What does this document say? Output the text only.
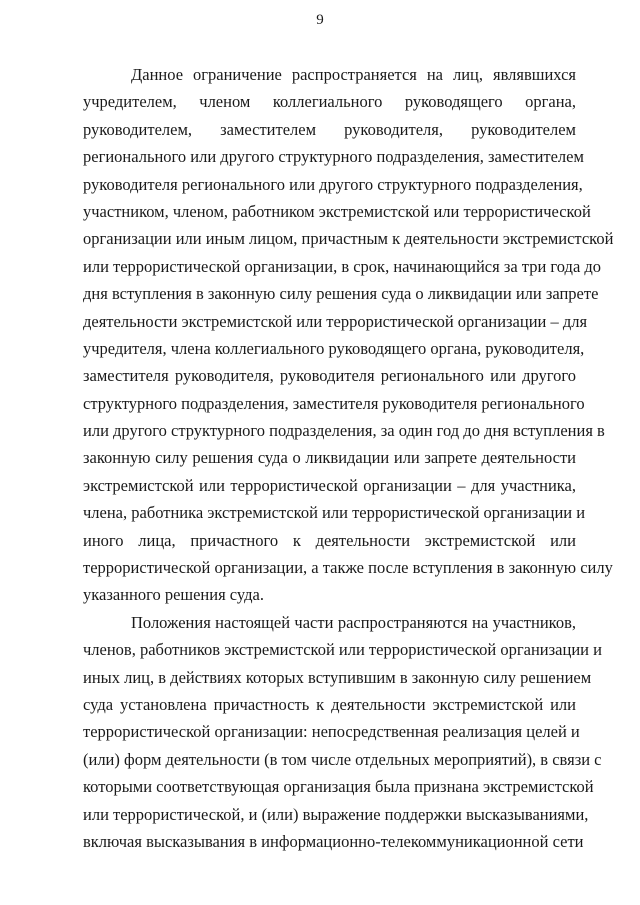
9
Данное ограничение распространяется на лиц, являвшихся
учредителем, членом коллегиального руководящего органа,
руководителем, заместителем руководителя, руководителем
регионального или другого структурного подразделения, заместителем
руководителя регионального или другого структурного подразделения,
участником, членом, работником экстремистской или террористической
организации или иным лицом, причастным к деятельности экстремистской
или террористической организации, в срок, начинающийся за три года до
дня вступления в законную силу решения суда о ликвидации или запрете
деятельности экстремистской или террористической организации – для
учредителя, члена коллегиального руководящего органа, руководителя,
заместителя руководителя, руководителя регионального или другого
структурного подразделения, заместителя руководителя регионального
или другого структурного подразделения, за один год до дня вступления в
законную силу решения суда о ликвидации или запрете деятельности
экстремистской или террористической организации – для участника,
члена, работника экстремистской или террористической организации и
иного лица, причастного к деятельности экстремистской или
террористической организации, а также после вступления в законную силу
указанного решения суда.
Положения настоящей части распространяются на участников,
членов, работников экстремистской или террористической организации и
иных лиц, в действиях которых вступившим в законную силу решением
суда установлена причастность к деятельности экстремистской или
террористической организации: непосредственная реализация целей и
(или) форм деятельности (в том числе отдельных мероприятий), в связи с
которыми соответствующая организация была признана экстремистской
или террористической, и (или) выражение поддержки высказываниями,
включая высказывания в информационно-телекоммуникационной сети
